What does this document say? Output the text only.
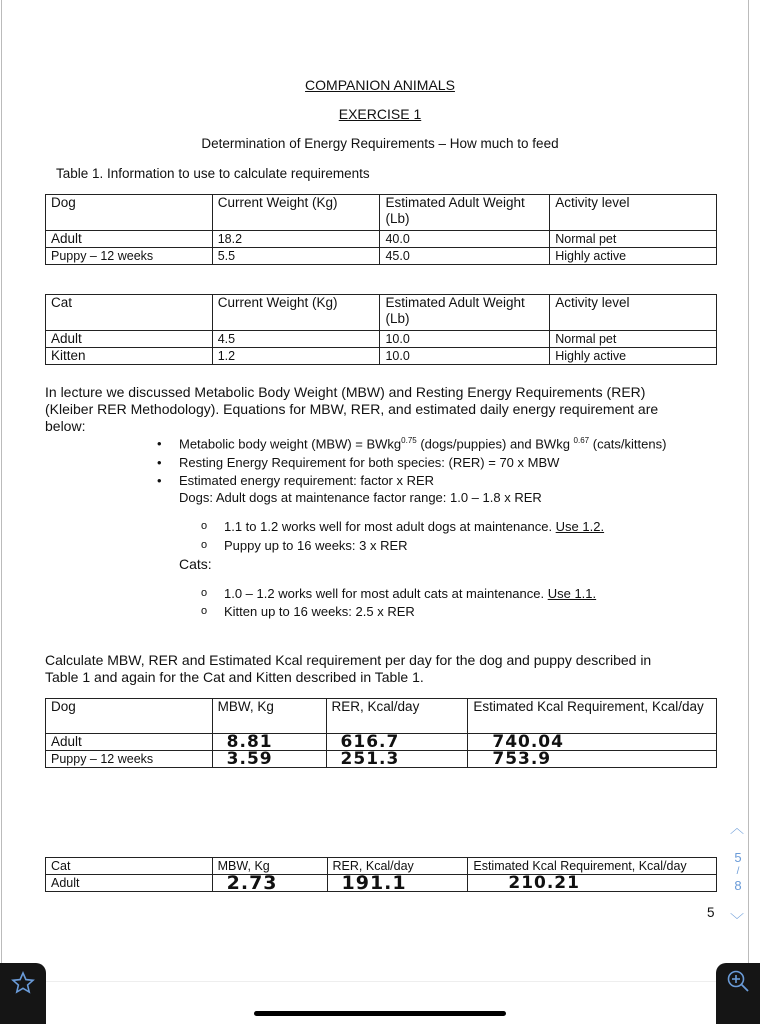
COMPANION ANIMALS
EXERCISE 1
Determination of Energy Requirements – How much to feed
Table 1. Information to use to calculate requirements
Dog	Current Weight (Kg)	Estimated Adult Weight (Lb)	Activity level
Adult	18.2	40.0	Normal pet
Puppy – 12 weeks	5.5	45.0	Highly active
Cat	Current Weight (Kg)	Estimated Adult Weight (Lb)	Activity level
Adult	4.5	10.0	Normal pet
Kitten	1.2	10.0	Highly active
In lecture we discussed Metabolic Body Weight (MBW) and Resting Energy Requirements (RER)
(Kleiber RER Methodology). Equations for MBW, RER, and estimated daily energy requirement are
below:
• Metabolic body weight (MBW) = BWkg$^{0.75}$ (dogs/puppies) and BWkg $^{0.67}$ (cats/kittens)
• Resting Energy Requirement for both species: (RER) = 70 x MBW
• Estimated energy requirement: factor x RER
Dogs: Adult dogs at maintenance factor range: 1.0 – 1.8 x RER
o 1.1 to 1.2 works well for most adult dogs at maintenance. Use 1.2.
o Puppy up to 16 weeks: 3 x RER
Cats:
o 1.0 – 1.2 works well for most adult cats at maintenance. Use 1.1.
o Kitten up to 16 weeks: 2.5 x RER
Calculate MBW, RER and Estimated Kcal requirement per day for the dog and puppy described in
Table 1 and again for the Cat and Kitten described in Table 1.
Dog	MBW, Kg	RER, Kcal/day	Estimated Kcal Requirement, Kcal/day
Adult	8.81	616.7	740.04
Puppy – 12 weeks	3.59	251.3	753.9
Cat	MBW, Kg	RER, Kcal/day	Estimated Kcal Requirement, Kcal/day
Adult	2.73	191.1	210.21
5
︿
5
/
8
﹀
